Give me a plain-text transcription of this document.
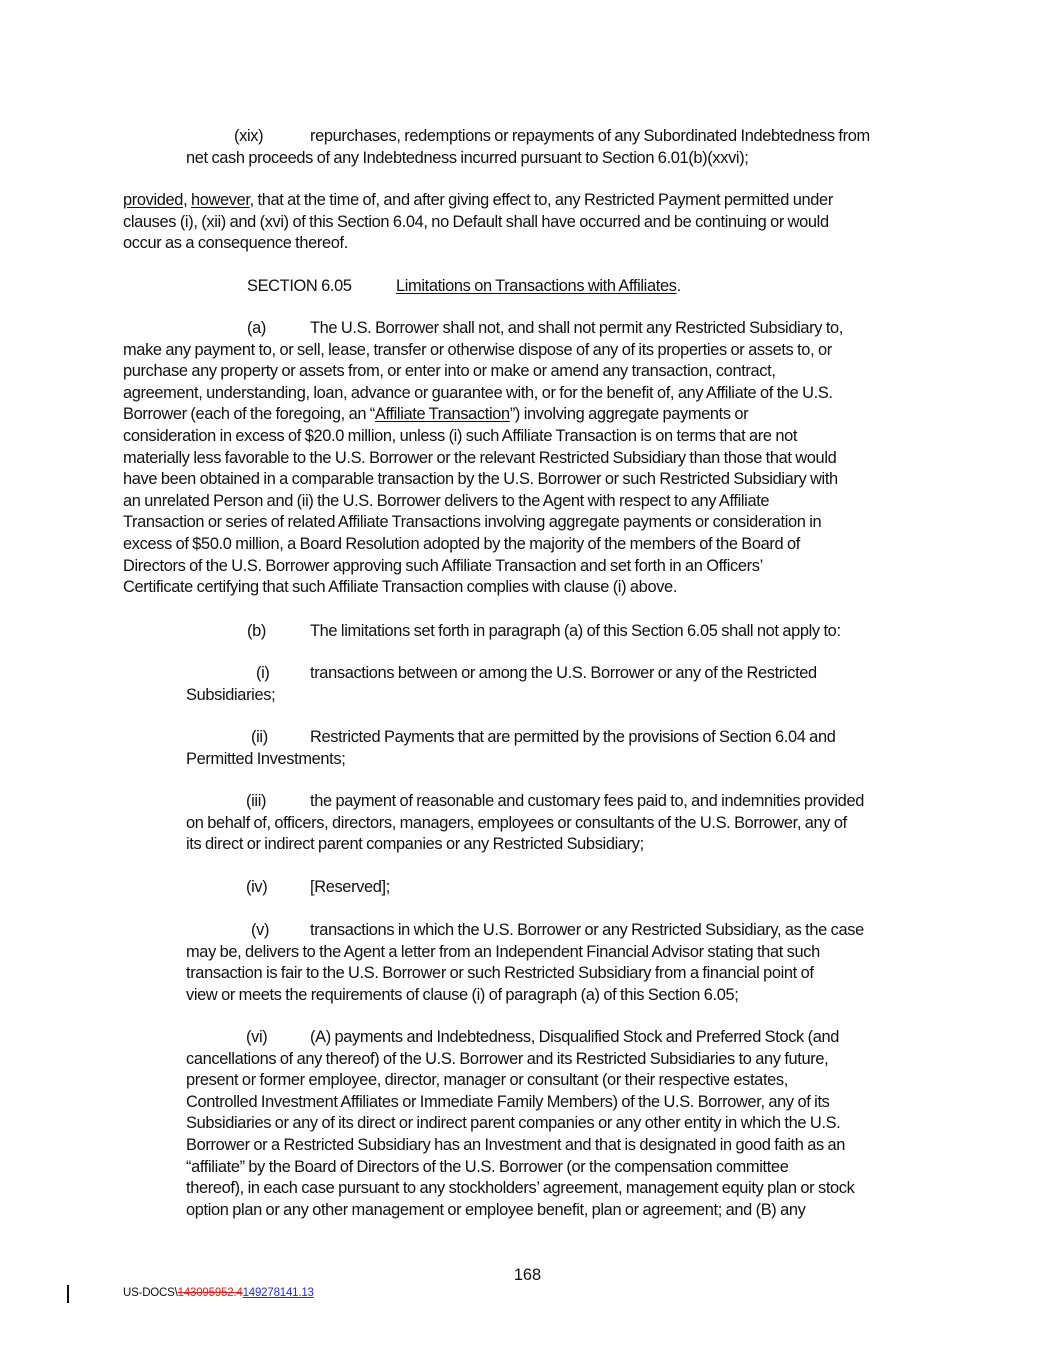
(xix)	repurchases, redemptions or repayments of any Subordinated Indebtedness from
net cash proceeds of any Indebtedness incurred pursuant to Section 6.01(b)(xxvi);
provided, however, that at the time of, and after giving effect to, any Restricted Payment permitted under
clauses (i), (xii) and (xvi) of this Section 6.04, no Default shall have occurred and be continuing or would
occur as a consequence thereof.
SECTION 6.05	Limitations on Transactions with Affiliates.
(a)	The U.S. Borrower shall not, and shall not permit any Restricted Subsidiary to,
make any payment to, or sell, lease, transfer or otherwise dispose of any of its properties or assets to, or
purchase any property or assets from, or enter into or make or amend any transaction, contract,
agreement, understanding, loan, advance or guarantee with, or for the benefit of, any Affiliate of the U.S.
Borrower (each of the foregoing, an “Affiliate Transaction”) involving aggregate payments or
consideration in excess of $20.0 million, unless (i) such Affiliate Transaction is on terms that are not
materially less favorable to the U.S. Borrower or the relevant Restricted Subsidiary than those that would
have been obtained in a comparable transaction by the U.S. Borrower or such Restricted Subsidiary with
an unrelated Person and (ii) the U.S. Borrower delivers to the Agent with respect to any Affiliate
Transaction or series of related Affiliate Transactions involving aggregate payments or consideration in
excess of $50.0 million, a Board Resolution adopted by the majority of the members of the Board of
Directors of the U.S. Borrower approving such Affiliate Transaction and set forth in an Officers’
Certificate certifying that such Affiliate Transaction complies with clause (i) above.
(b)	The limitations set forth in paragraph (a) of this Section 6.05 shall not apply to:
(i) transactions between or among the U.S. Borrower or any of the Restricted
Subsidiaries;
(ii)	Restricted Payments that are permitted by the provisions of Section 6.04 and
Permitted Investments;
(iii)	the payment of reasonable and customary fees paid to, and indemnities provided
on behalf of, officers, directors, managers, employees or consultants of the U.S. Borrower, any of
its direct or indirect parent companies or any Restricted Subsidiary;
(iv)	[Reserved];
(v) transactions in which the U.S. Borrower or any Restricted Subsidiary, as the case
may be, delivers to the Agent a letter from an Independent Financial Advisor stating that such
transaction is fair to the U.S. Borrower or such Restricted Subsidiary from a financial point of
view or meets the requirements of clause (i) of paragraph (a) of this Section 6.05;
(vi)	(A) payments and Indebtedness, Disqualified Stock and Preferred Stock (and
cancellations of any thereof) of the U.S. Borrower and its Restricted Subsidiaries to any future,
present or former employee, director, manager or consultant (or their respective estates,
Controlled Investment Affiliates or Immediate Family Members) of the U.S. Borrower, any of its
Subsidiaries or any of its direct or indirect parent companies or any other entity in which the U.S.
Borrower or a Restricted Subsidiary has an Investment and that is designated in good faith as an
“affiliate” by the Board of Directors of the U.S. Borrower (or the compensation committee
thereof), in each case pursuant to any stockholders’ agreement, management equity plan or stock
option plan or any other management or employee benefit, plan or agreement; and (B) any
168
US-DOCS\143095952.4149278141.13
